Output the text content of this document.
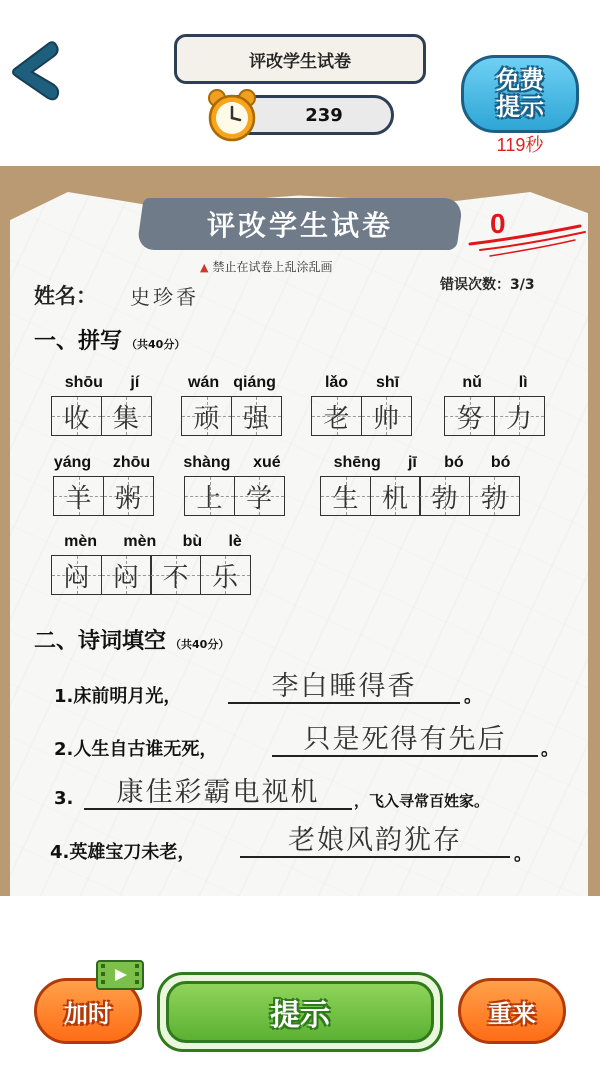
评改学生试卷
239
免费
提示
119秒
评改学生试卷
▲ 禁止在试卷上乱涂乱画
0
错误次数：3/3
姓名： 史珍香
一、拼写 （共40分）
shōu jí
收 集
wán qiáng
顽 强
lǎo shī
老 帅
nǔ lì
努 力
yáng zhōu
羊 粥
shàng xué
上 学
shēng jī bó bó
生 机 勃 勃
mèn mèn bù lè
闷 闷 不 乐
二、诗词填空 （共40分）
1.床前明月光，	李白睡得香	。
2.人生自古谁无死，	只是死得有先后	。
3.	康佳彩霸电视机	，飞入寻常百姓家。
4.英雄宝刀未老，	老娘风韵犹存	。
加时	提示	重来
